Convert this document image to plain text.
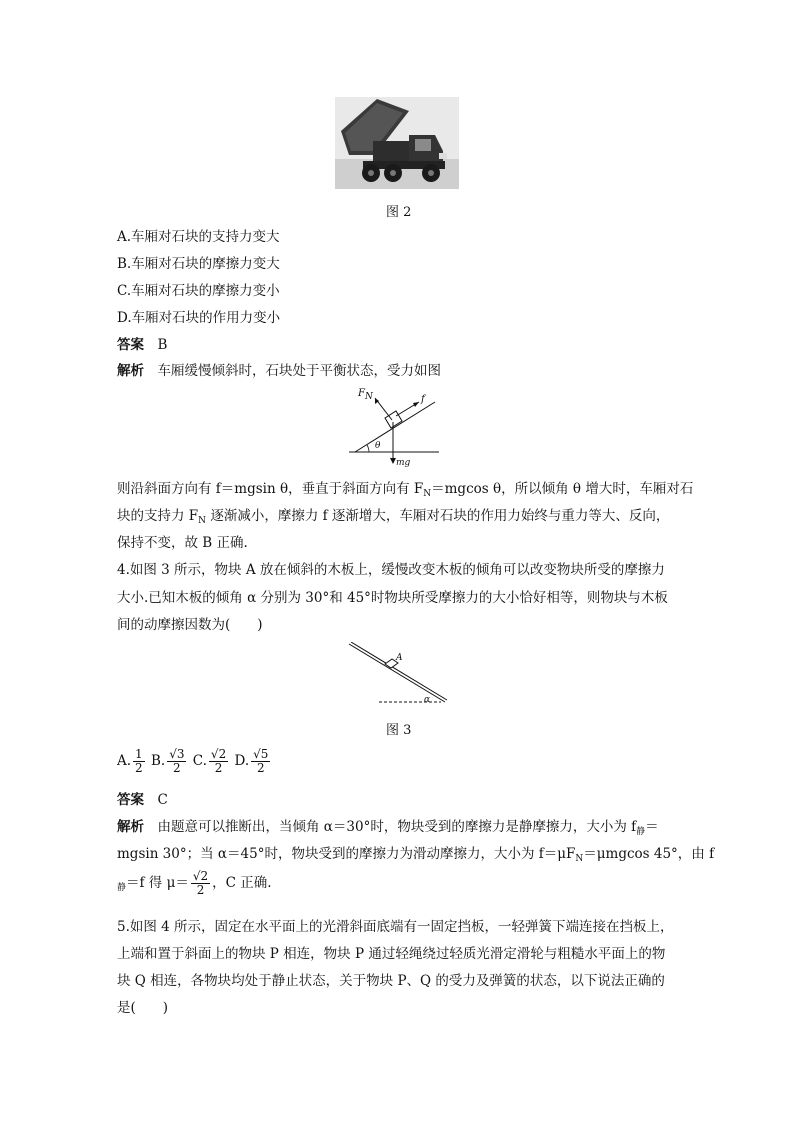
图 2
A.车厢对石块的支持力变大
B.车厢对石块的摩擦力变大
C.车厢对石块的摩擦力变小
D.车厢对石块的作用力变小
答案　 B
解析　 车厢缓慢倾斜时，石块处于平衡状态，受力如图
FN	f
θ
mg
则沿斜面方向有 f＝mgsin θ，垂直于斜面方向有 $F_N=mgcos$ θ，所以倾角 θ 增大时，车厢对石
块的支持力 $F_N$ 逐渐减小，摩擦力 f 逐渐增大，车厢对石块的作用力始终与重力等大、反向，
保持不变，故 B 正确.
4.如图 3 所示，物块 A 放在倾斜的木板上，缓慢改变木板的倾角可以改变物块所受的摩擦力
大小.已知木板的倾角 α 分别为 30°和 45°时物块所受摩擦力的大小恰好相等，则物块与木板
间的动摩擦因数为(　　)
A
α
图 3
A. $\frac{1}{2} B$. $\frac{√3}{2} C$. $\frac{√2}{2} D$. $\frac{√5}{2}$
答案　 C
解析　 由题意可以推断出，当倾角 α＝30°时，物块受到的摩擦力是静摩擦力，大小为 $f_静=$
mgsin 30°；当 α＝45°时，物块受到的摩擦力为滑动摩擦力，大小为 $f=\mu F_N=\mu mgcos$ 45°，由 f
$_静$＝f 得 $\mu= \frac{√2}{2}$ ，C 正确.
5.如图 4 所示，固定在水平面上的光滑斜面底端有一固定挡板，一轻弹簧下端连接在挡板上，
上端和置于斜面上的物块 P 相连，物块 P 通过轻绳绕过轻质光滑定滑轮与粗糙水平面上的物
块 Q 相连，各物块均处于静止状态，关于物块 P、Q 的受力及弹簧的状态，以下说法正确的
是(　　)
